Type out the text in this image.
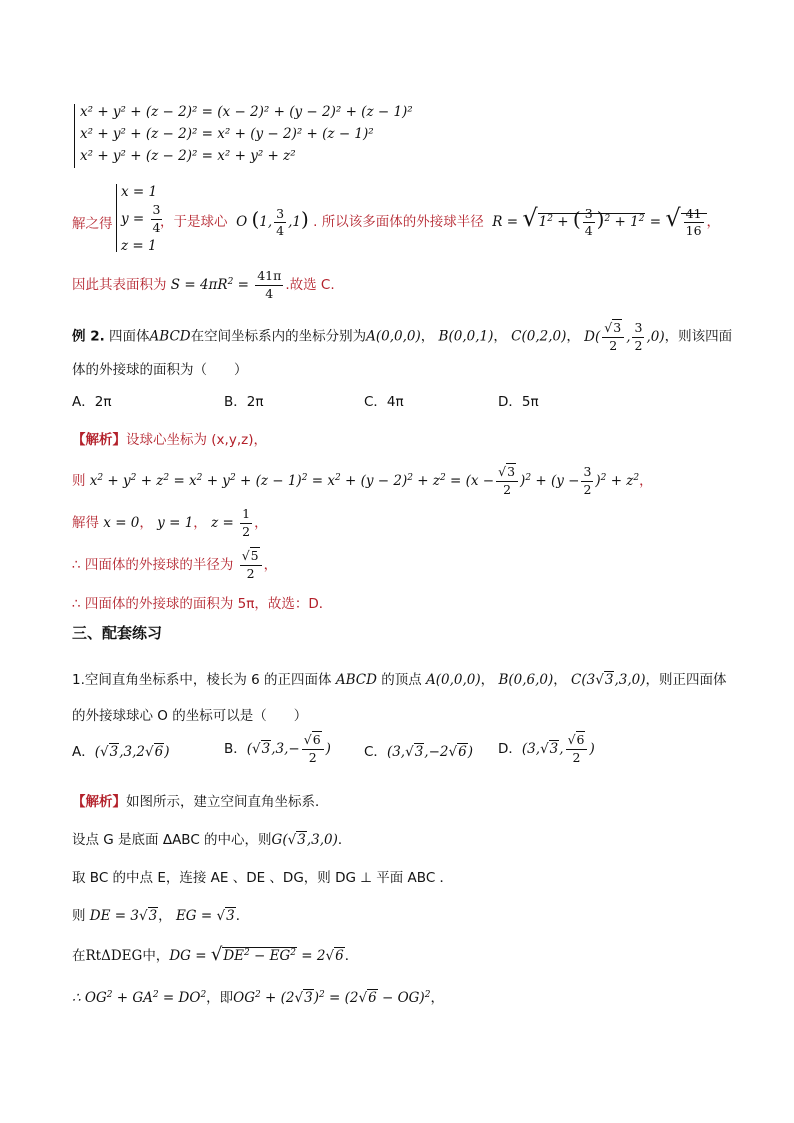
x² + y² + (z − 2)² = (x − 2)² + (y − 2)² + (z − 1)²
x² + y² + (z − 2)² = x² + (y − 2)² + (z − 1)²
x² + y² + (z − 2)² = x² + y² + z²
解之得
x = 1
$y = \frac{3}{4}$
z = 1
，于是球心  O (1, $\frac{3}{4} ,1$) . 所以该多面体的外接球半径  $R = √1^2$ + ( $\frac{3}{4} )^2 + 1^2$ = √ $\frac{41}{16}$ ，
因此其表面积为 $S = 4\pi R^2 = \frac{41\pi}{4}$ .故选 C.
例 2. 四面体ABCD在空间坐标系内的坐标分别为A(0,0,0)， B(0,0,1)， C(0,2,0)， $D( \frac{√3}{2}$ , $\frac{3}{2} ,0$)，则该四面
体的外接球的面积为（　　）
A．2π	B．2π	C．4π	D．5π
【解析】设球心坐标为 (x,y,z)，
则 $x^2 + y^2 + z^2 = x^2 + y^2 + (z - 1)^2 = x^2 + (y - 2)^2 + z^2 = (x - \frac{√3}{2} )^2 + (y - \frac{3}{2} )^2 + z^2$，
解得 x = 0， y = 1， $z = \frac{1}{2}$ ，
∴ 四面体的外接球的半径为 $\frac{√5}{2}$ ，
∴ 四面体的外接球的面积为 5π，故选：D．
三、配套练习
1.空间直角坐标系中，棱长为 6 的正四面体 ABCD 的顶点 A(0,0,0)， B(0,6,0)， C(3√3,3,0)，则正四面体
的外接球球心 O 的坐标可以是（　　）
A．(√3,3,2√6)	B．($√3,3,- \frac{√6}{2}$ ) C．(3,√3,−2√6) D．(3,√3, $\frac{√6}{2}$ )
【解析】如图所示，建立空间直角坐标系．
设点 G 是底面 ΔABC 的中心，则G(√3,3,0)．
取 BC 的中点 E，连接 AE 、DE 、DG，则 DG ⊥ 平面 ABC ．
则 DE = 3√3， EG = √3．
在RtΔDEG中，DG = $√DE^2 - EG^2 = 2√6$．
∴ $OG^2 + GA^2 = DO^2$，即$OG^2 + (2√3)^2 = (2√6 - OG)^2$，
